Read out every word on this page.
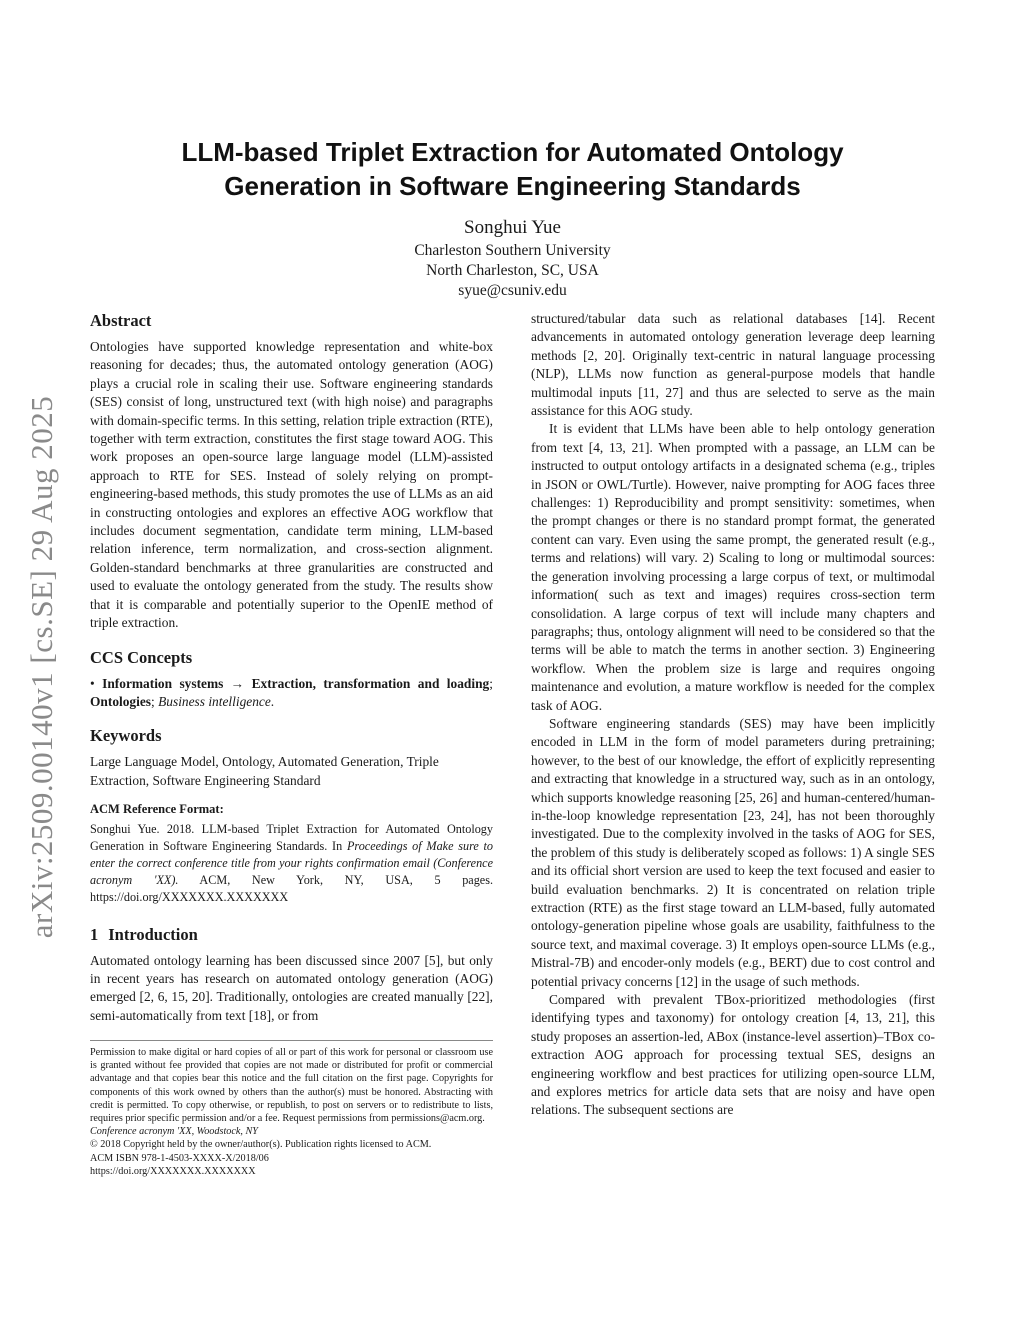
arXiv:2509.00140v1 [cs.SE] 29 Aug 2025
LLM-based Triplet Extraction for Automated Ontology
Generation in Software Engineering Standards
Songhui Yue
Charleston Southern University
North Charleston, SC, USA
syue@csuniv.edu
Abstract

Ontologies have supported knowledge representation and white-box reasoning for decades; thus, the automated ontology generation (AOG) plays a crucial role in scaling their use. Software engineering standards (SES) consist of long, unstructured text (with high noise) and paragraphs with domain-specific terms. In this setting, relation triple extraction (RTE), together with term extraction, constitutes the first stage toward AOG. This work proposes an open-source large language model (LLM)-assisted approach to RTE for SES. Instead of solely relying on prompt-engineering-based methods, this study promotes the use of LLMs as an aid in constructing ontologies and explores an effective AOG workflow that includes document segmentation, candidate term mining, LLM-based relation inference, term normalization, and cross-section alignment. Golden-standard benchmarks at three granularities are constructed and used to evaluate the ontology generated from the study. The results show that it is comparable and potentially superior to the OpenIE method of triple extraction.

CCS Concepts

• Information systems → Extraction, transformation and loading; Ontologies; Business intelligence.

Keywords

Large Language Model, Ontology, Automated Generation, Triple Extraction, Software Engineering Standard

ACM Reference Format:

Songhui Yue. 2018. LLM-based Triplet Extraction for Automated Ontology Generation in Software Engineering Standards. In Proceedings of Make sure to enter the correct conference title from your rights confirmation email (Conference acronym 'XX). ACM, New York, NY, USA, 5 pages. https://doi.org/XXXXXXX.XXXXXXX

1 Introduction

Automated ontology learning has been discussed since 2007 [5], but only in recent years has research on automated ontology generation (AOG) emerged [2, 6, 15, 20]. Traditionally, ontologies are created manually [22], semi-automatically from text [18], or from

Permission to make digital or hard copies of all or part of this work for personal or classroom use is granted without fee provided that copies are not made or distributed for profit or commercial advantage and that copies bear this notice and the full citation on the first page. Copyrights for components of this work owned by others than the author(s) must be honored. Abstracting with credit is permitted. To copy otherwise, or republish, to post on servers or to redistribute to lists, requires prior specific permission and/or a fee. Request permissions from permissions@acm.org.
Conference acronym 'XX, Woodstock, NY
© 2018 Copyright held by the owner/author(s). Publication rights licensed to ACM.
ACM ISBN 978-1-4503-XXXX-X/2018/06
https://doi.org/XXXXXXX.XXXXXXX

structured/tabular data such as relational databases [14]. Recent advancements in automated ontology generation leverage deep learning methods [2, 20]. Originally text-centric in natural language processing (NLP), LLMs now function as general-purpose models that handle multimodal inputs [11, 27] and thus are selected to serve as the main assistance for this AOG study.

It is evident that LLMs have been able to help ontology generation from text [4, 13, 21]. When prompted with a passage, an LLM can be instructed to output ontology artifacts in a designated schema (e.g., triples in JSON or OWL/Turtle). However, naive prompting for AOG faces three challenges: 1) Reproducibility and prompt sensitivity: sometimes, when the prompt changes or there is no standard prompt format, the generated content can vary. Even using the same prompt, the generated result (e.g., terms and relations) will vary. 2) Scaling to long or multimodal sources: the generation involving processing a large corpus of text, or multimodal information( such as text and images) requires cross-section term consolidation. A large corpus of text will include many chapters and paragraphs; thus, ontology alignment will need to be considered so that the terms will be able to match the terms in another section. 3) Engineering workflow. When the problem size is large and requires ongoing maintenance and evolution, a mature workflow is needed for the complex task of AOG.

Software engineering standards (SES) may have been implicitly encoded in LLM in the form of model parameters during pretraining; however, to the best of our knowledge, the effort of explicitly representing and extracting that knowledge in a structured way, such as in an ontology, which supports knowledge reasoning [25, 26] and human-centered/human-in-the-loop knowledge representation [23, 24], has not been thoroughly investigated. Due to the complexity involved in the tasks of AOG for SES, the problem of this study is deliberately scoped as follows: 1) A single SES and its official short version are used to keep the text focused and easier to build evaluation benchmarks. 2) It is concentrated on relation triple extraction (RTE) as the first stage toward an LLM-based, fully automated ontology-generation pipeline whose goals are usability, faithfulness to the source text, and maximal coverage. 3) It employs open-source LLMs (e.g., Mistral-7B) and encoder-only models (e.g., BERT) due to cost control and potential privacy concerns [12] in the usage of such methods.

Compared with prevalent TBox-prioritized methodologies (first identifying types and taxonomy) for ontology creation [4, 13, 21], this study proposes an assertion-led, ABox (instance-level assertion)–TBox co-extraction AOG approach for processing textual SES, designs an engineering workflow and best practices for utilizing open-source LLM, and explores metrics for article data sets that are noisy and have open relations. The subsequent sections are
